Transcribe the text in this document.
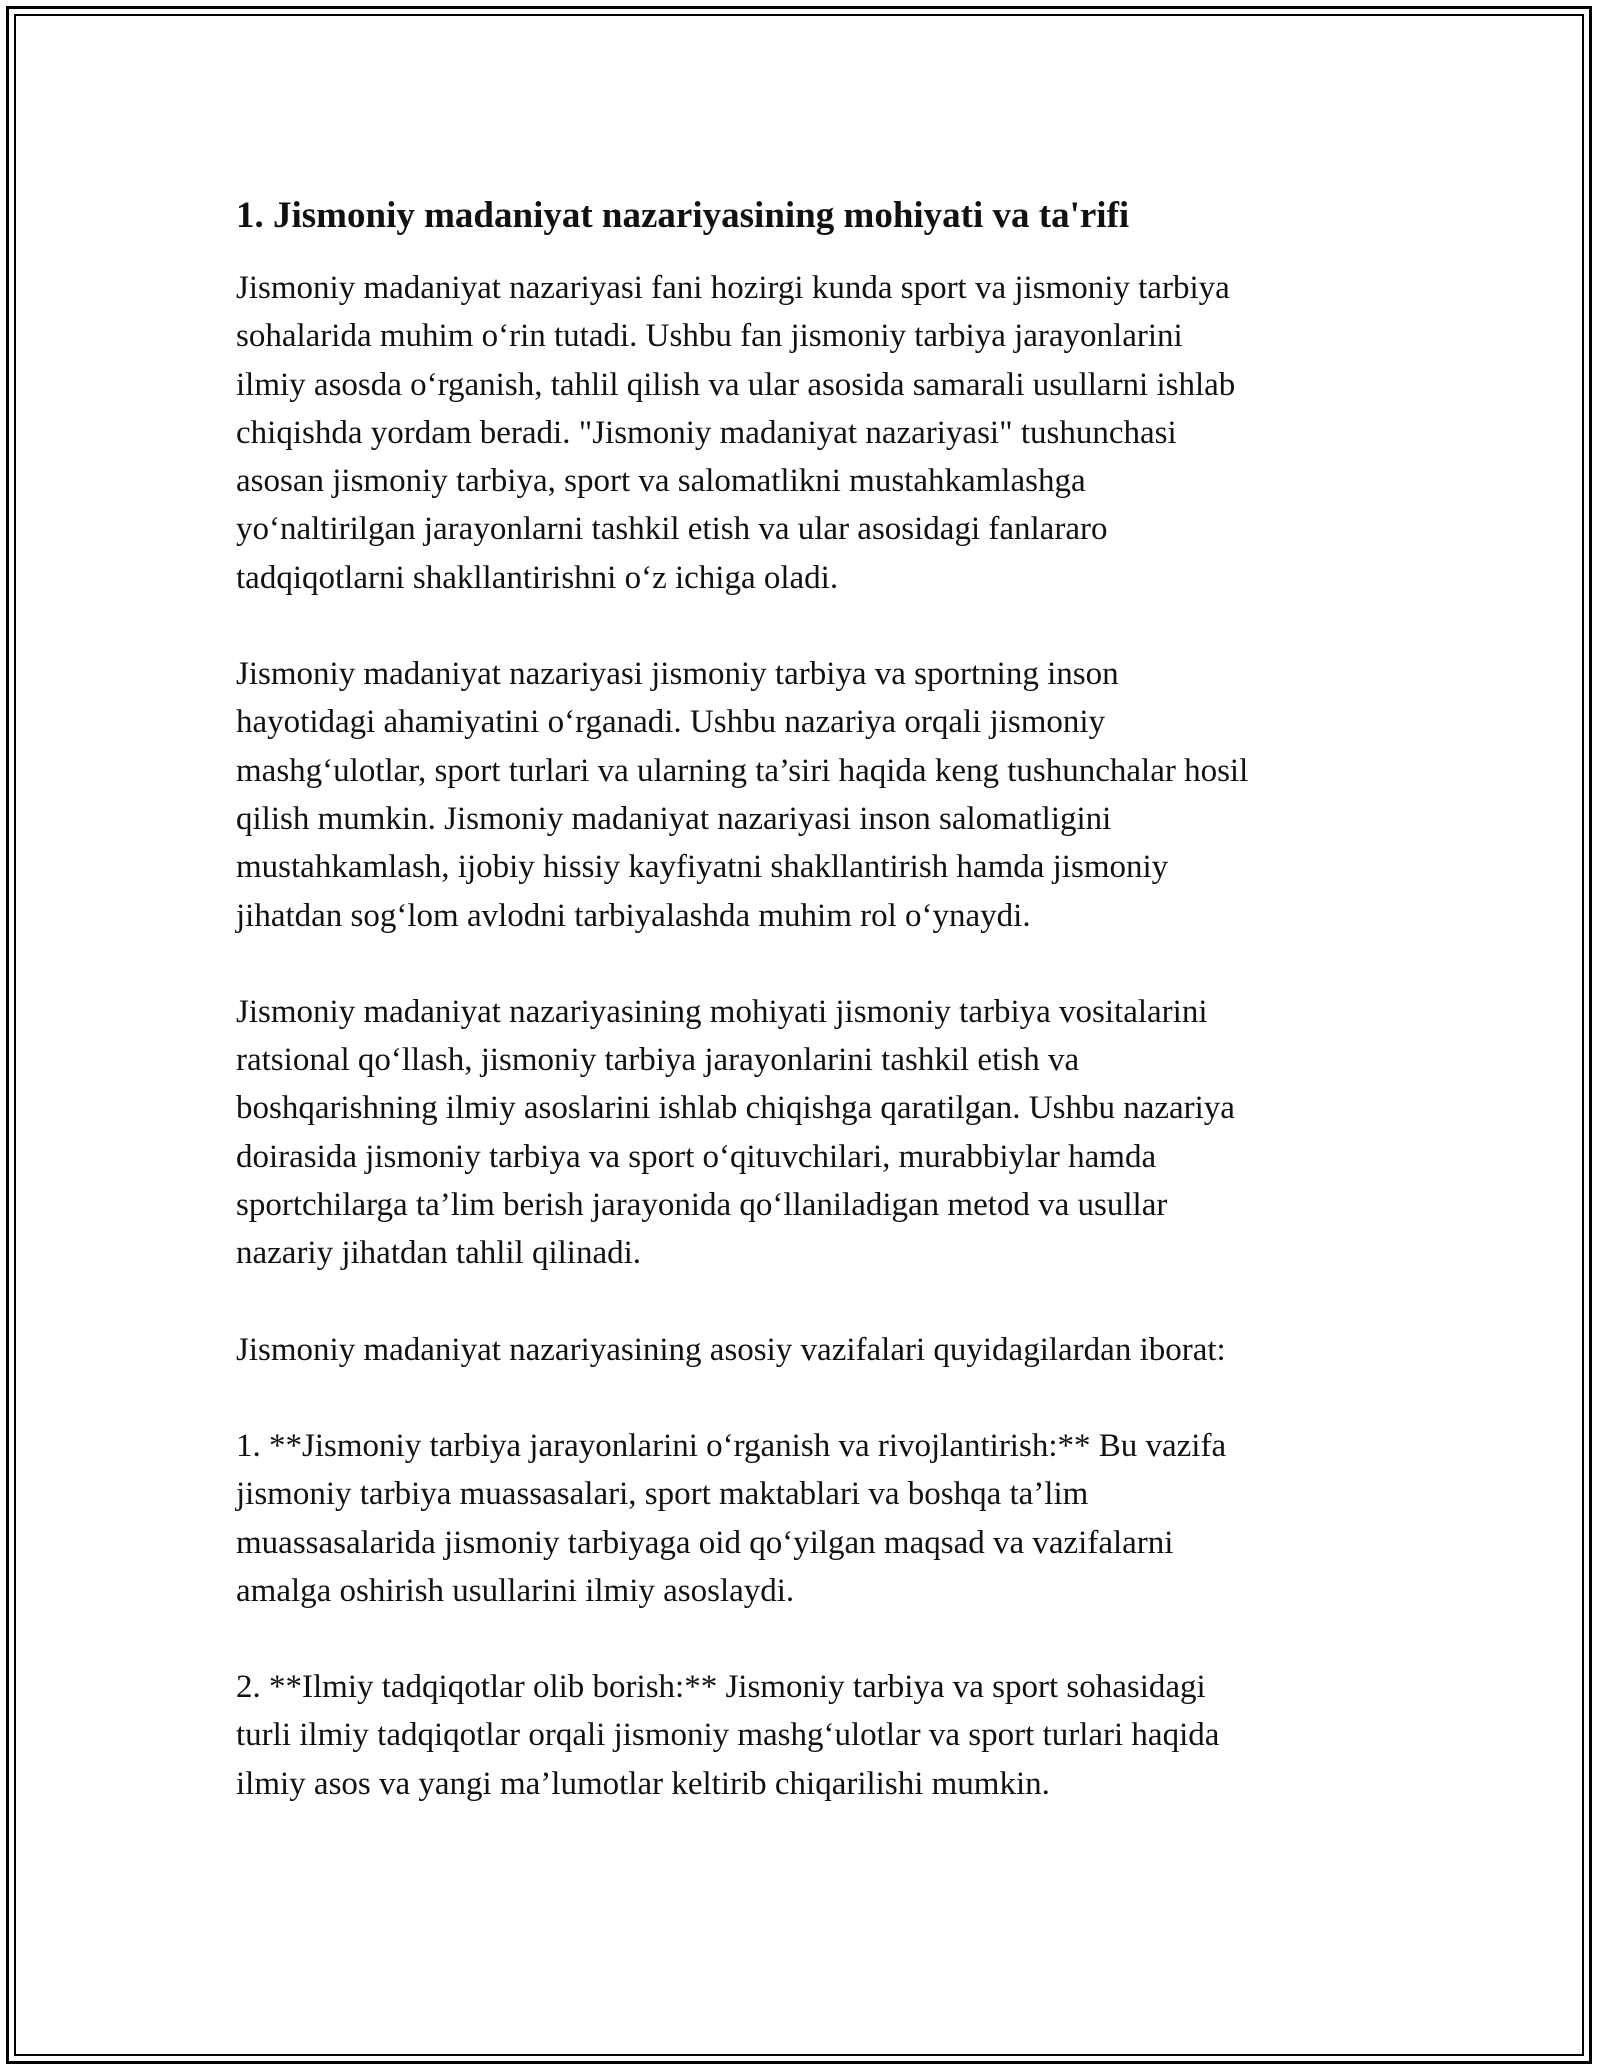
1. Jismoniy madaniyat nazariyasining mohiyati va ta'rifi

Jismoniy madaniyat nazariyasi fani hozirgi kunda sport va jismoniy tarbiya
sohalarida muhim o‘rin tutadi. Ushbu fan jismoniy tarbiya jarayonlarini
ilmiy asosda o‘rganish, tahlil qilish va ular asosida samarali usullarni ishlab
chiqishda yordam beradi. "Jismoniy madaniyat nazariyasi" tushunchasi
asosan jismoniy tarbiya, sport va salomatlikni mustahkamlashga
yo‘naltirilgan jarayonlarni tashkil etish va ular asosidagi fanlararo
tadqiqotlarni shakllantirishni o‘z ichiga oladi.

Jismoniy madaniyat nazariyasi jismoniy tarbiya va sportning inson
hayotidagi ahamiyatini o‘rganadi. Ushbu nazariya orqali jismoniy
mashg‘ulotlar, sport turlari va ularning ta’siri haqida keng tushunchalar hosil
qilish mumkin. Jismoniy madaniyat nazariyasi inson salomatligini
mustahkamlash, ijobiy hissiy kayfiyatni shakllantirish hamda jismoniy
jihatdan sog‘lom avlodni tarbiyalashda muhim rol o‘ynaydi.

Jismoniy madaniyat nazariyasining mohiyati jismoniy tarbiya vositalarini
ratsional qo‘llash, jismoniy tarbiya jarayonlarini tashkil etish va
boshqarishning ilmiy asoslarini ishlab chiqishga qaratilgan. Ushbu nazariya
doirasida jismoniy tarbiya va sport o‘qituvchilari, murabbiylar hamda
sportchilarga ta’lim berish jarayonida qo‘llaniladigan metod va usullar
nazariy jihatdan tahlil qilinadi.

Jismoniy madaniyat nazariyasining asosiy vazifalari quyidagilardan iborat:

1. **Jismoniy tarbiya jarayonlarini o‘rganish va rivojlantirish:** Bu vazifa
jismoniy tarbiya muassasalari, sport maktablari va boshqa ta’lim
muassasalarida jismoniy tarbiyaga oid qo‘yilgan maqsad va vazifalarni
amalga oshirish usullarini ilmiy asoslaydi.

2. **Ilmiy tadqiqotlar olib borish:** Jismoniy tarbiya va sport sohasidagi
turli ilmiy tadqiqotlar orqali jismoniy mashg‘ulotlar va sport turlari haqida
ilmiy asos va yangi ma’lumotlar keltirib chiqarilishi mumkin.
